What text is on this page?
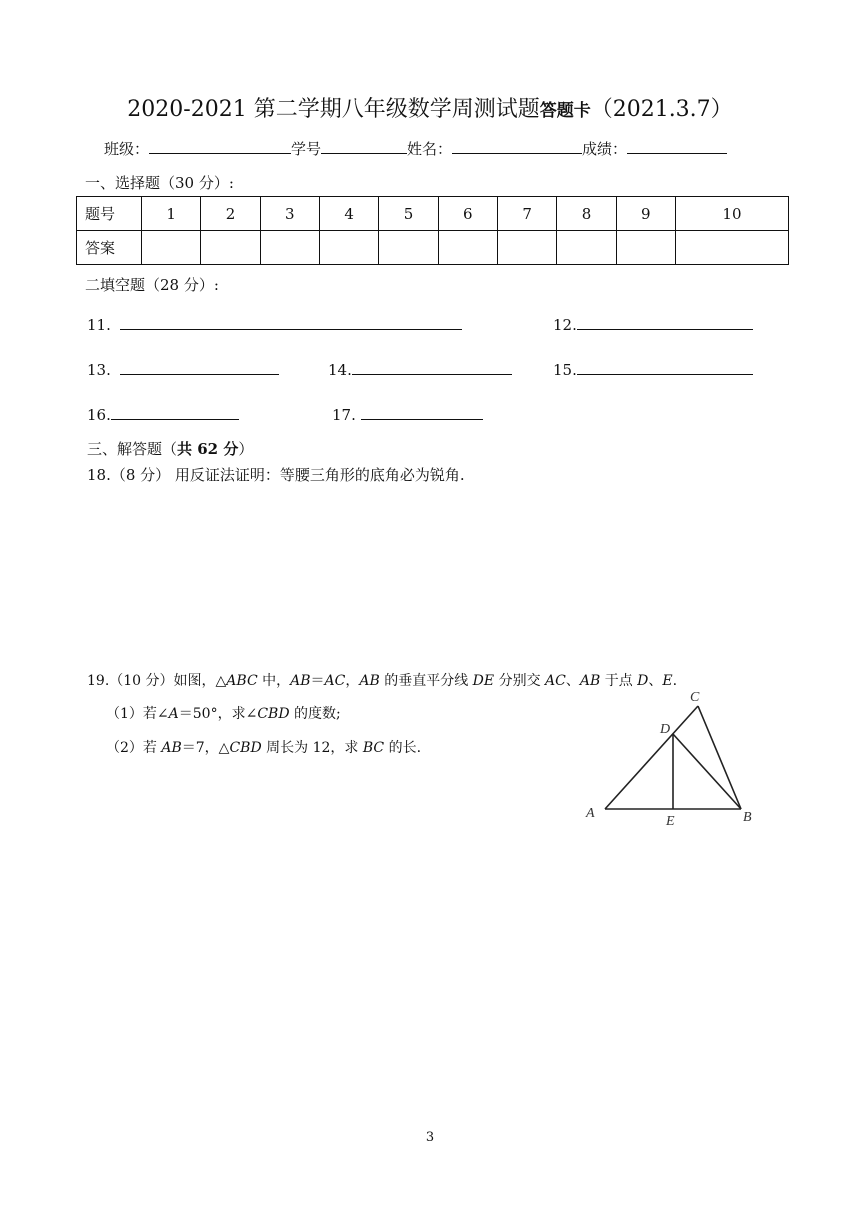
2020-2021 第二学期八年级数学周测试题答题卡（2021.3.7）
班级：	学号	姓名：	成绩：
一、选择题（30 分）:
题号	1	2	3	4	5	6	7	8	9	10
答案										
二填空题（28 分）:
11.	12.
13.	14.	15.
16.	17.
三、解答题（共 62 分）
18.（8 分） 用反证法证明：等腰三角形的底角必为锐角.
19.（10 分）如图，△ABC 中，AB＝AC，AB 的垂直平分线 DE 分别交 AC、AB 于点 D、E.
（1）若∠A＝50°，求∠CBD 的度数;
（2）若 AB＝7，△CBD 周长为 12，求 BC 的长.
A	B
C
D
E
3
